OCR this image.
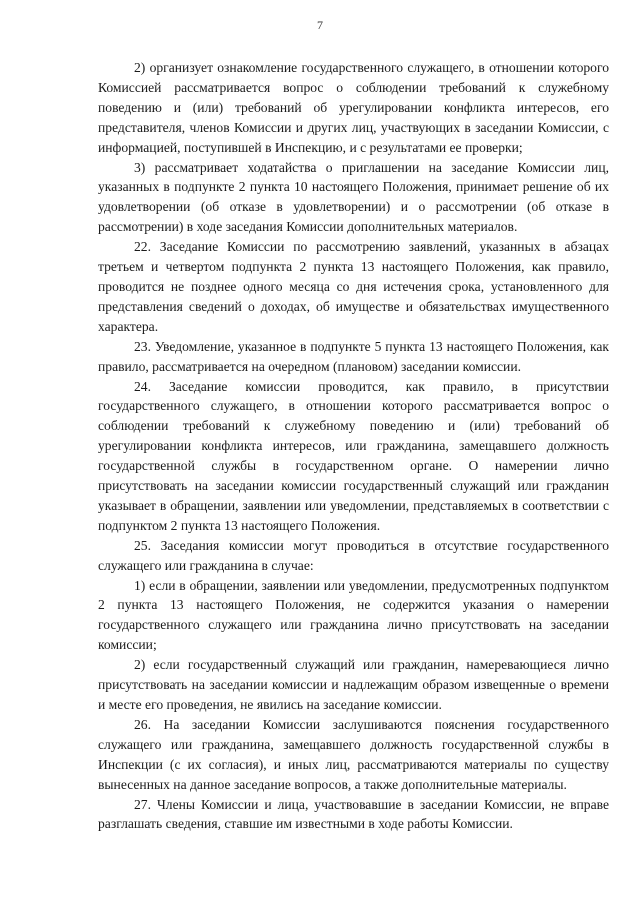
7

2) организует ознакомление государственного служащего, в отношении которого Комиссией рассматривается вопрос о соблюдении требований к служебному поведению и (или) требований об урегулировании конфликта интересов, его представителя, членов Комиссии и других лиц, участвующих в заседании Комиссии, с информацией, поступившей в Инспекцию, и с результатами ее проверки;

3) рассматривает ходатайства о приглашении на заседание Комиссии лиц, указанных в подпункте 2 пункта 10 настоящего Положения, принимает решение об их удовлетворении (об отказе в удовлетворении) и о рассмотрении (об отказе в рассмотрении) в ходе заседания Комиссии дополнительных материалов.

22. Заседание Комиссии по рассмотрению заявлений, указанных в абзацах третьем и четвертом подпункта 2 пункта 13 настоящего Положения, как правило, проводится не позднее одного месяца со дня истечения срока, установленного для представления сведений о доходах, об имуществе и обязательствах имущественного характера.

23. Уведомление, указанное в подпункте 5 пункта 13 настоящего Положения, как правило, рассматривается на очередном (плановом) заседании комиссии.

24. Заседание комиссии проводится, как правило, в присутствии государственного служащего, в отношении которого рассматривается вопрос о соблюдении требований к служебному поведению и (или) требований об урегулировании конфликта интересов, или гражданина, замещавшего должность государственной службы в государственном органе. О намерении лично присутствовать на заседании комиссии государственный служащий или гражданин указывает в обращении, заявлении или уведомлении, представляемых в соответствии с подпунктом 2 пункта 13 настоящего Положения.

25. Заседания комиссии могут проводиться в отсутствие государственного служащего или гражданина в случае:

1) если в обращении, заявлении или уведомлении, предусмотренных подпунктом 2 пункта 13 настоящего Положения, не содержится указания о намерении государственного служащего или гражданина лично присутствовать на заседании комиссии;

2) если государственный служащий или гражданин, намеревающиеся лично присутствовать на заседании комиссии и надлежащим образом извещенные о времени и месте его проведения, не явились на заседание комиссии.

26. На заседании Комиссии заслушиваются пояснения государственного служащего или гражданина, замещавшего должность государственной службы в Инспекции (с их согласия), и иных лиц, рассматриваются материалы по существу вынесенных на данное заседание вопросов, а также дополнительные материалы.

27. Члены Комиссии и лица, участвовавшие в заседании Комиссии, не вправе разглашать сведения, ставшие им известными в ходе работы Комиссии.
